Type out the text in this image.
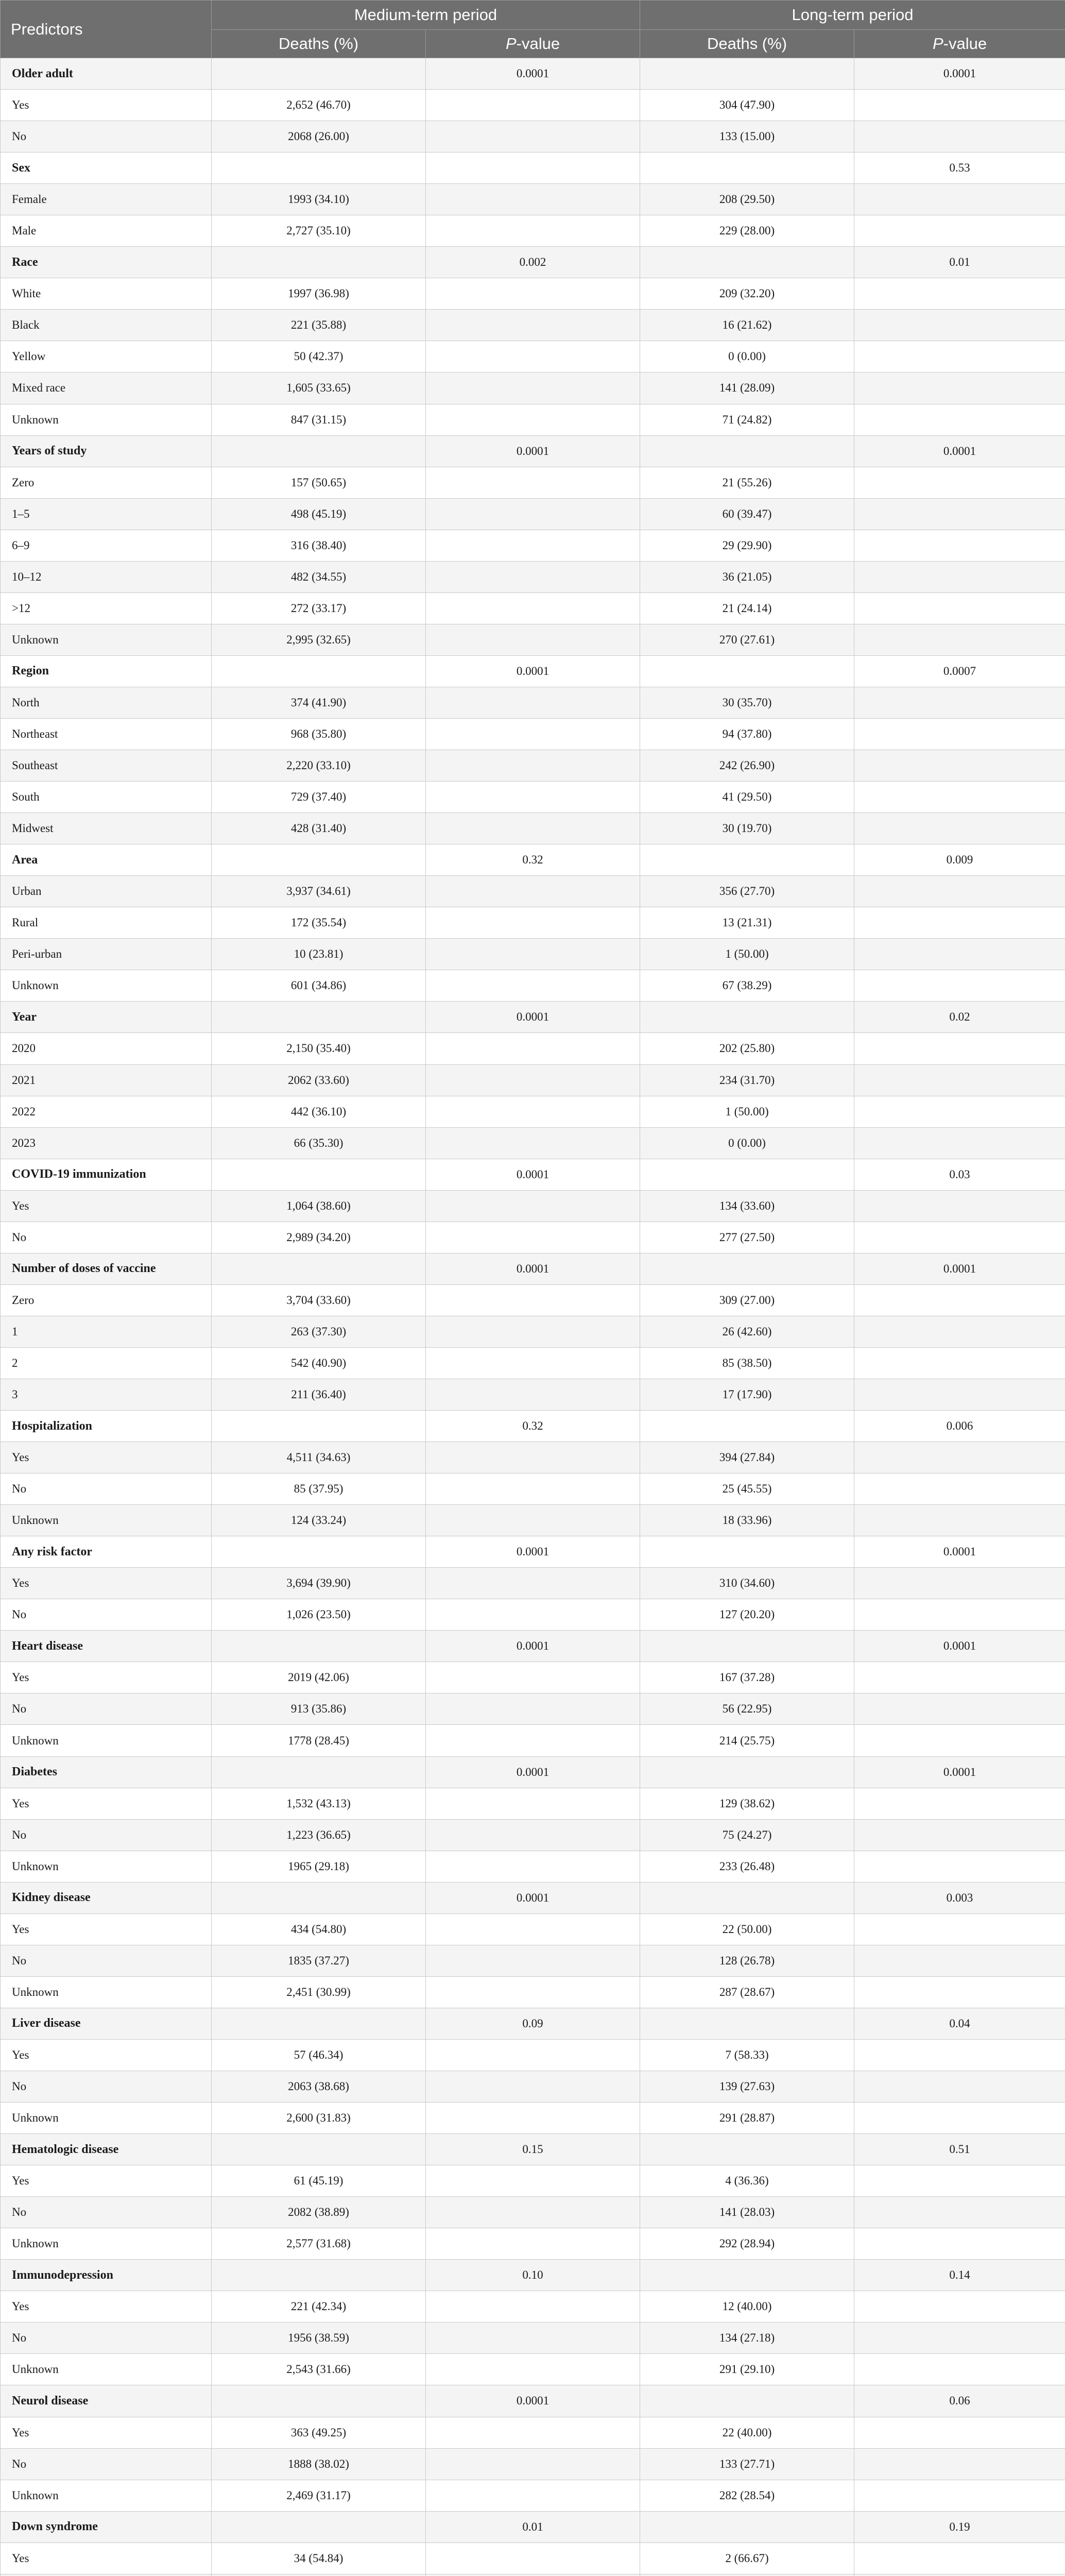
Predictors	Medium-term period		Long-term period	
	Deaths (%)	P-value	Deaths (%)	P-value
Older adult		0.0001		0.0001
Yes	2,652 (46.70)		304 (47.90)	
No	2068 (26.00)		133 (15.00)	
Sex				0.53
Female	1993 (34.10)		208 (29.50)	
Male	2,727 (35.10)		229 (28.00)	
Race		0.002		0.01
White	1997 (36.98)		209 (32.20)	
Black	221 (35.88)		16 (21.62)	
Yellow	50 (42.37)		0 (0.00)	
Mixed race	1,605 (33.65)		141 (28.09)	
Unknown	847 (31.15)		71 (24.82)	
Years of study		0.0001		0.0001
Zero	157 (50.65)		21 (55.26)	
1–5	498 (45.19)		60 (39.47)	
6–9	316 (38.40)		29 (29.90)	
10–12	482 (34.55)		36 (21.05)	
>12	272 (33.17)		21 (24.14)	
Unknown	2,995 (32.65)		270 (27.61)	
Region		0.0001		0.0007
North	374 (41.90)		30 (35.70)	
Northeast	968 (35.80)		94 (37.80)	
Southeast	2,220 (33.10)		242 (26.90)	
South	729 (37.40)		41 (29.50)	
Midwest	428 (31.40)		30 (19.70)	
Area		0.32		0.009
Urban	3,937 (34.61)		356 (27.70)	
Rural	172 (35.54)		13 (21.31)	
Peri-urban	10 (23.81)		1 (50.00)	
Unknown	601 (34.86)		67 (38.29)	
Year		0.0001		0.02
2020	2,150 (35.40)		202 (25.80)	
2021	2062 (33.60)		234 (31.70)	
2022	442 (36.10)		1 (50.00)	
2023	66 (35.30)		0 (0.00)	
COVID-19 immunization		0.0001		0.03
Yes	1,064 (38.60)		134 (33.60)	
No	2,989 (34.20)		277 (27.50)	
Number of doses of vaccine		0.0001		0.0001
Zero	3,704 (33.60)		309 (27.00)	
1	263 (37.30)		26 (42.60)	
2	542 (40.90)		85 (38.50)	
3	211 (36.40)		17 (17.90)	
Hospitalization		0.32		0.006
Yes	4,511 (34.63)		394 (27.84)	
No	85 (37.95)		25 (45.55)	
Unknown	124 (33.24)		18 (33.96)	
Any risk factor		0.0001		0.0001
Yes	3,694 (39.90)		310 (34.60)	
No	1,026 (23.50)		127 (20.20)	
Heart disease		0.0001		0.0001
Yes	2019 (42.06)		167 (37.28)	
No	913 (35.86)		56 (22.95)	
Unknown	1778 (28.45)		214 (25.75)	
Diabetes		0.0001		0.0001
Yes	1,532 (43.13)		129 (38.62)	
No	1,223 (36.65)		75 (24.27)	
Unknown	1965 (29.18)		233 (26.48)	
Kidney disease		0.0001		0.003
Yes	434 (54.80)		22 (50.00)	
No	1835 (37.27)		128 (26.78)	
Unknown	2,451 (30.99)		287 (28.67)	
Liver disease		0.09		0.04
Yes	57 (46.34)		7 (58.33)	
No	2063 (38.68)		139 (27.63)	
Unknown	2,600 (31.83)		291 (28.87)	
Hematologic disease		0.15		0.51
Yes	61 (45.19)		4 (36.36)	
No	2082 (38.89)		141 (28.03)	
Unknown	2,577 (31.68)		292 (28.94)	
Immunodepression		0.10		0.14
Yes	221 (42.34)		12 (40.00)	
No	1956 (38.59)		134 (27.18)	
Unknown	2,543 (31.66)		291 (29.10)	
Neurol disease		0.0001		0.06
Yes	363 (49.25)		22 (40.00)	
No	1888 (38.02)		133 (27.71)	
Unknown	2,469 (31.17)		282 (28.54)	
Down syndrome		0.01		0.19
Yes	34 (54.84)		2 (66.67)	
